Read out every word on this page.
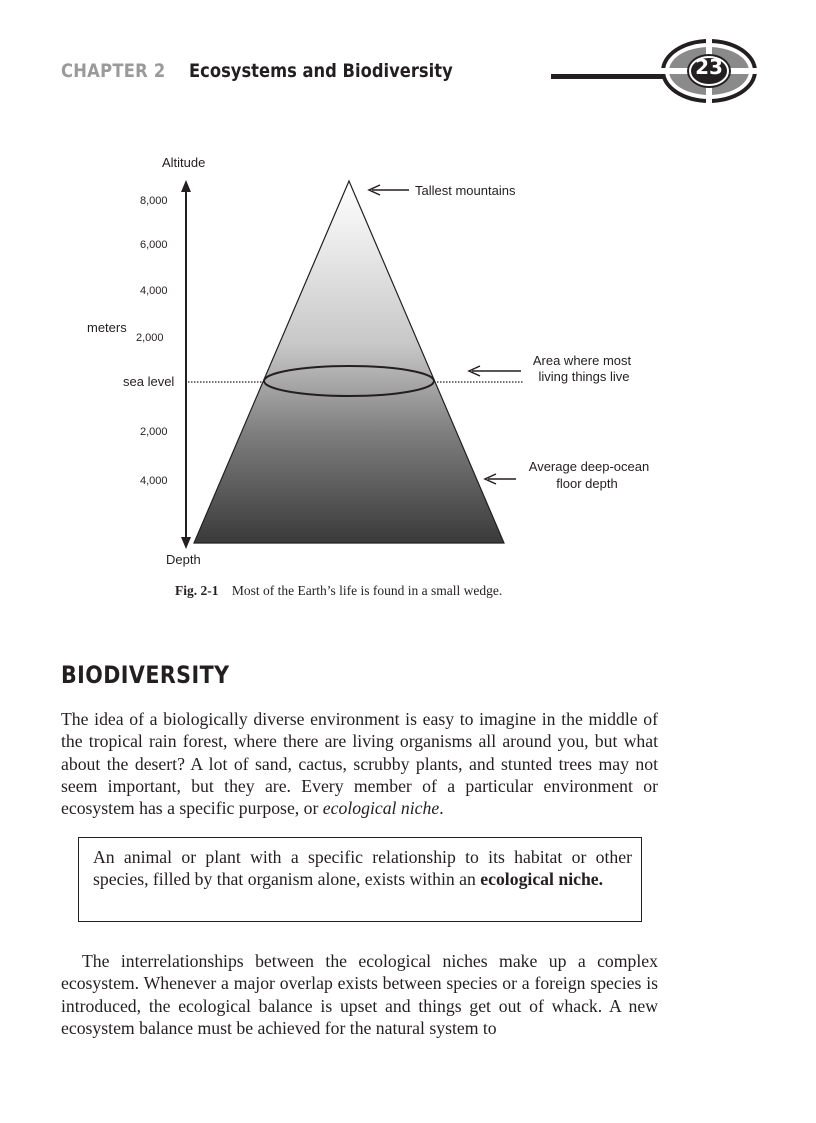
CHAPTER 2 Ecosystems and Biodiversity	23
Altitude
Depth
meters
8,000
6,000
4,000
2,000
sea level
2,000
4,000
Tallest mountains
Area where most
living things live
Average deep-ocean
floor depth
Fig. 2-1 Most of the Earth’s life is found in a small wedge.
BIODIVERSITY

The idea of a biologically diverse environment is easy to imagine in the middle of the tropical rain forest, where there are living organisms all around you, but what about the desert? A lot of sand, cactus, scrubby plants, and stunted trees may not seem important, but they are. Every member of a particular environment or ecosystem has a specific purpose, or ecological niche.

An animal or plant with a specific relationship to its habitat or other species, filled by that organism alone, exists within an ecological niche.

The interrelationships between the ecological niches make up a complex ecosystem. Whenever a major overlap exists between species or a foreign species is introduced, the ecological balance is upset and things get out of whack. A new ecosystem balance must be achieved for the natural system to
